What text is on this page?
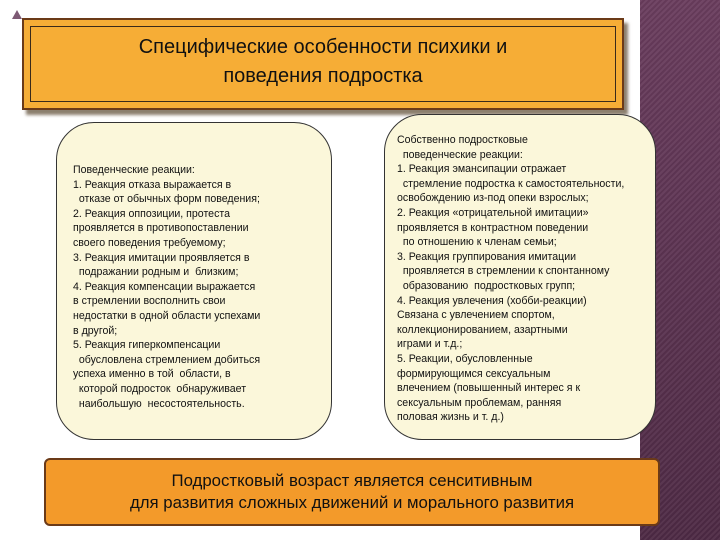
Специфические особенности психики и
поведения подростка
Поведенческие реакции:
1. Реакция отказа выражается в
отказе от обычных форм поведения;
2. Реакция оппозиции, протеста
проявляется в противопоставлении
своего поведения требуемому;
3. Реакция имитации проявляется в
подражании родным и  близким;
4. Реакция компенсации выражается
в стремлении восполнить свои
недостатки в одной области успехами
в другой;
5. Реакция гиперкомпенсации
обусловлена стремлением добиться
успеха именно в той  области, в
которой подросток  обнаруживает
наибольшую  несостоятельность.
Собственно подростковые
поведенческие реакции:
1. Реакция эмансипации отражает
стремление подростка к самостоятельности,
освобождению из-под опеки взрослых;
2. Реакция «отрицательной имитации»
проявляется в контрастном поведении
по отношению к членам семьи;
3. Реакция группирования имитации
проявляется в стремлении к спонтанному
образованию  подростковых групп;
4. Реакция увлечения (хобби-реакции)
Связана с увлечением спортом,
коллекционированием, азартными
играми и т.д.;
5. Реакции, обусловленные
формирующимся сексуальным
влечением (повышенный интерес я к
сексуальным проблемам, ранняя
половая жизнь и т. д.)
Подростковый возраст является сенситивным
для развития сложных движений и морального развития
